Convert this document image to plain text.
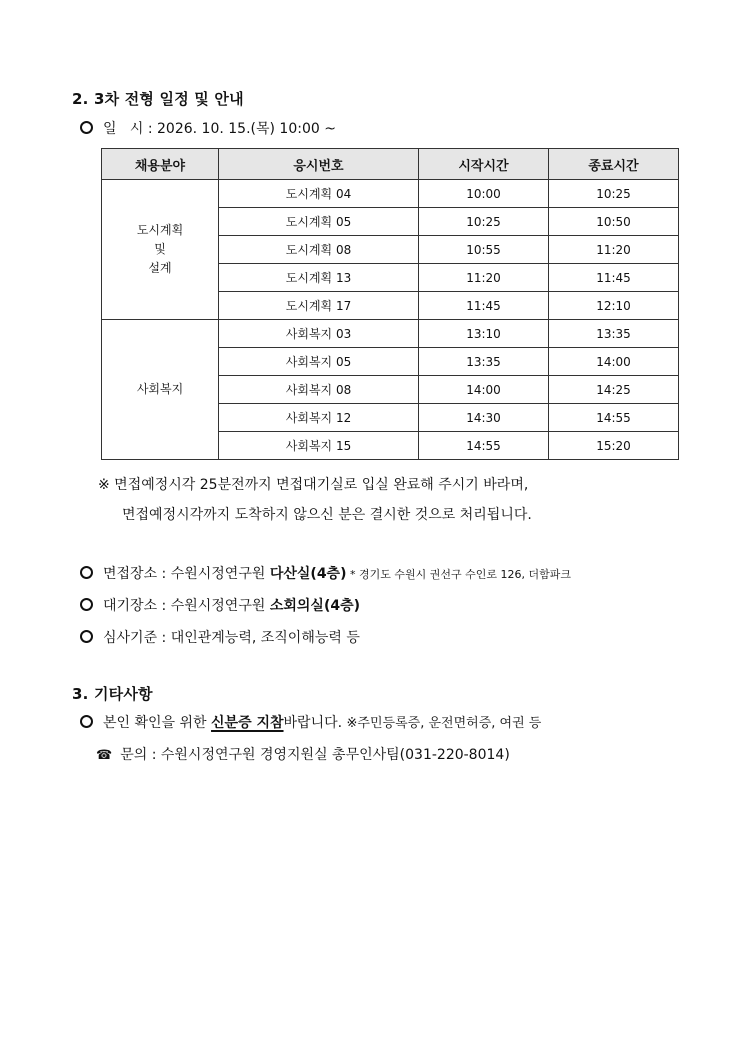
2. 3차 전형 일정 및 안내
일   시 : 2026. 10. 15.(목) 10:00 ~
채용분야	응시번호	시작시간	종료시간

도시계획
및
설계	도시계획 04	10:00	10:25
	도시계획 05	10:25	10:50
	도시계획 08	10:55	11:20
	도시계획 13	11:20	11:45
	도시계획 17	11:45	12:10

사회복지	사회복지 03	13:10	13:35
	사회복지 05	13:35	14:00
	사회복지 08	14:00	14:25
	사회복지 12	14:30	14:55
	사회복지 15	14:55	15:20
※ 면접예정시각 25분전까지 면접대기실로 입실 완료해 주시기 바라며,
면접예정시각까지 도착하지 않으신 분은 결시한 것으로 처리됩니다.
면접장소 : 수원시정연구원 다산실(4층) * 경기도 수원시 권선구 수인로 126, 더함파크
대기장소 : 수원시정연구원 소회의실(4층)
심사기준 : 대인관계능력, 조직이해능력 등
3. 기타사항
본인 확인을 위한 신분증 지참바랍니다. ※주민등록증, 운전면허증, 여권 등
☎ 문의 : 수원시정연구원 경영지원실 총무인사팀(031-220-8014)
